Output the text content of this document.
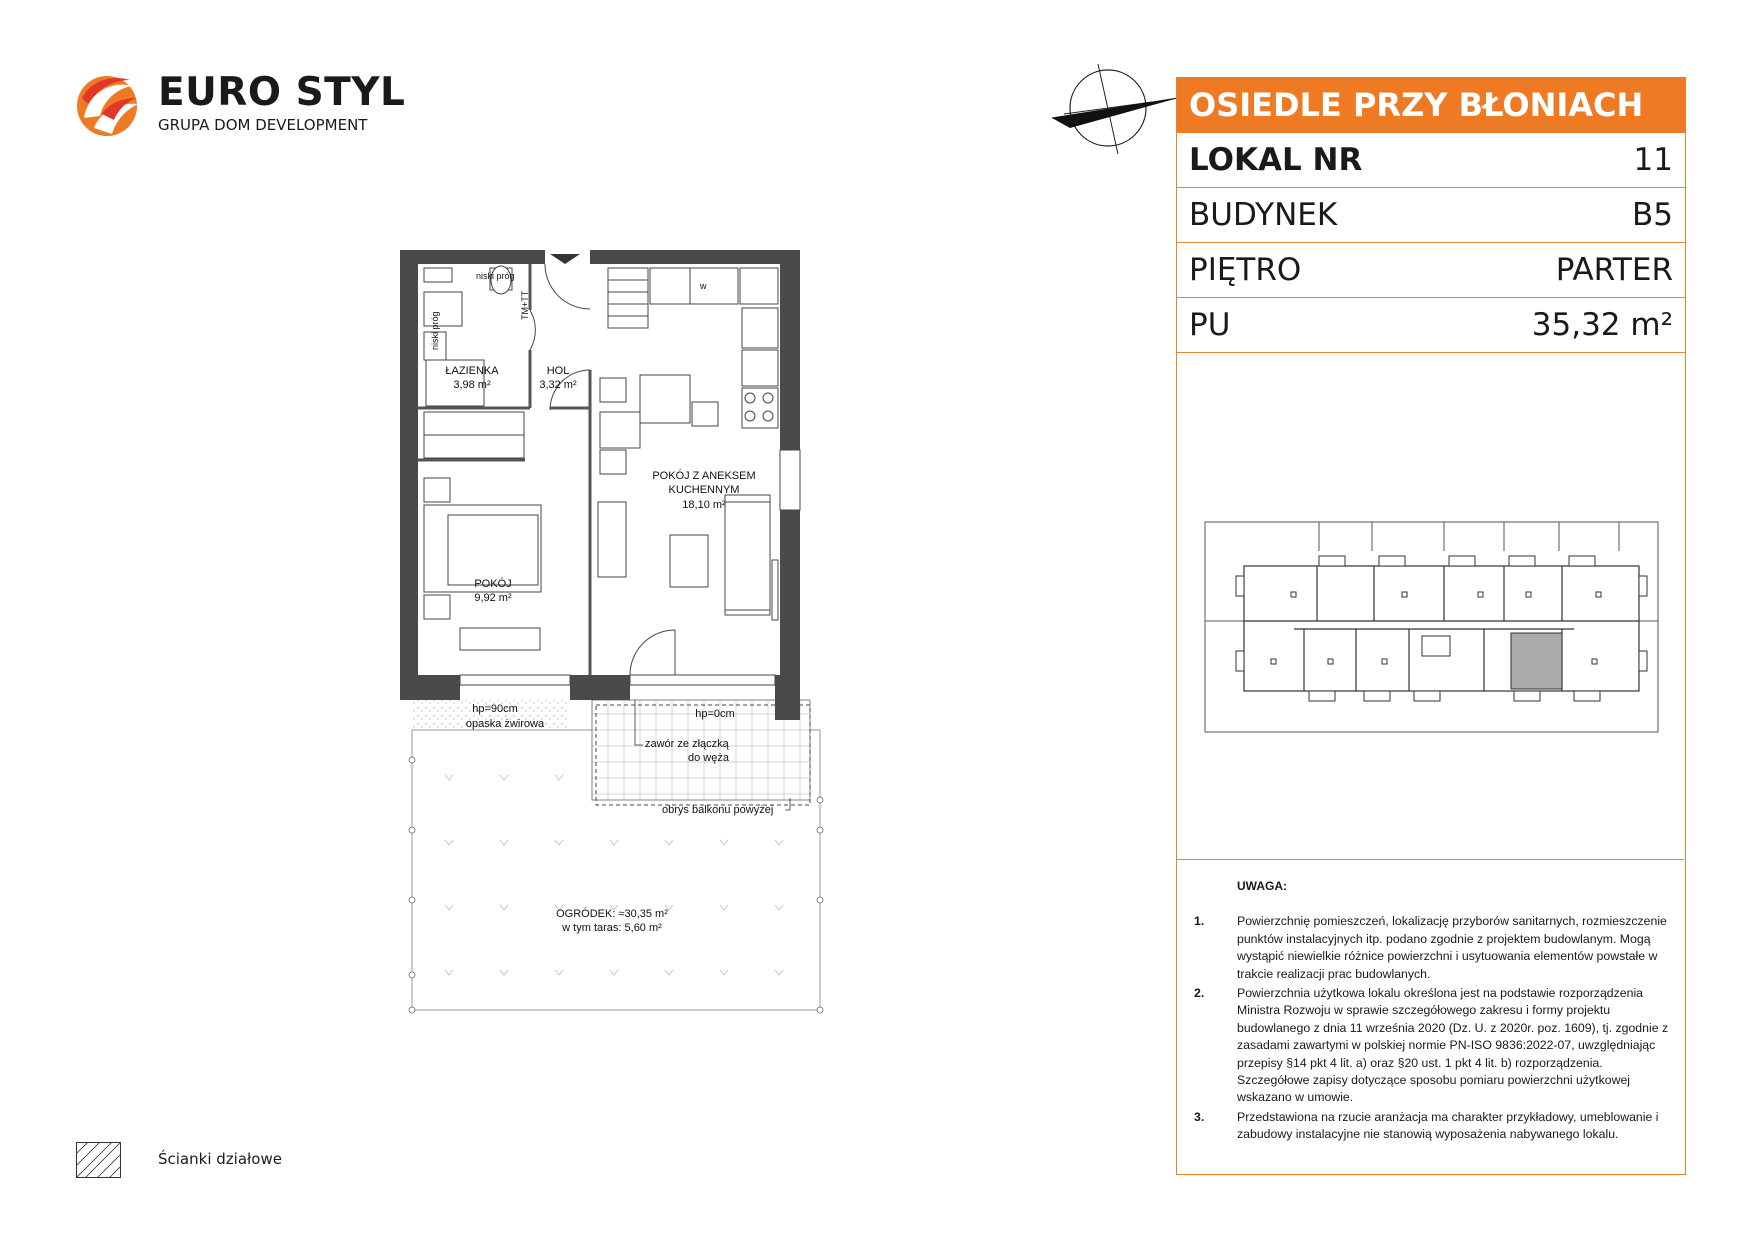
EURO STYL
GRUPA DOM DEVELOPMENT
OSIEDLE PRZY BŁONIACH
LOKAL NR	11
BUDYNEK	B5
PIĘTRO	PARTER
PU	35,32 m²
UWAGA:
1.	Powierzchnię pomieszczeń, lokalizację przyborów sanitarnych, rozmieszczenie punktów instalacyjnych itp. podano zgodnie z projektem budowlanym. Mogą wystąpić niewielkie różnice powierzchni i usytuowania elementów powstałe w trakcie realizacji prac budowlanych.
2.	Powierzchnia użytkowa lokalu określona jest na podstawie rozporządzenia Ministra Rozwoju w sprawie szczegółowego zakresu i formy projektu budowlanego z dnia 11 września 2020 (Dz. U. z 2020r. poz. 1609), tj. zgodnie z zasadami zawartymi w polskiej normie PN-ISO 9836:2022-07, uwzględniając przepisy §14 pkt 4 lit. a) oraz §20 ust. 1 pkt 4 lit. b) rozporządzenia. Szczegółowe zapisy dotyczące sposobu pomiaru powierzchni użytkowej wskazano w umowie.
3.	Przedstawiona na rzucie aranżacja ma charakter przykładowy, umeblowanie i zabudowy instalacyjne nie stanowią wyposażenia nabywanego lokalu.
niski próg
niski próg
TM+TT
w
ŁAZIENKA
3,98 m²
HOL
3,32 m²
POKÓJ Z ANEKSEM
KUCHENNYM
18,10 m²
POKÓJ
9,92 m²
hp=90cm
opaska żwirowa
hp=0cm
zawór ze złączką
do węża
obrys balkonu powyżej
OGRÓDEK: ≈30,35 m²
w tym taras: 5,60 m²
Ścianki działowe
